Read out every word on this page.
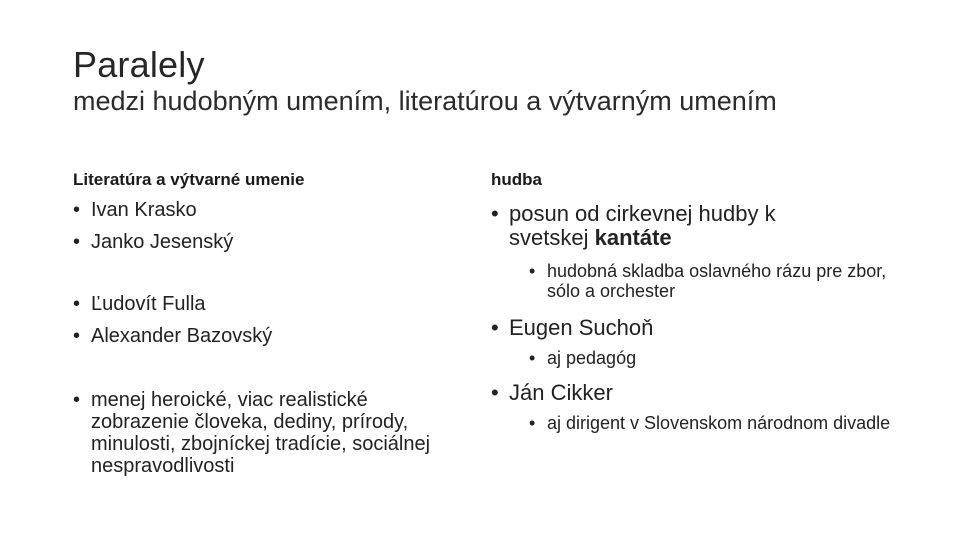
Paralely
medzi hudobným umením, literatúrou a výtvarným umením
Literatúra a výtvarné umenie
•
Ivan Krasko
•
Janko Jesenský
•
Ľudovít Fulla
•
Alexander Bazovský
•
menej heroické, viac realistické zobrazenie človeka, dediny, prírody, minulosti, zbojníckej tradície, sociálnej nespravodlivosti
hudba
•
posun od cirkevnej hudby k svetskej kantáte
•
hudobná skladba oslavného rázu pre zbor, sólo a orchester
•
Eugen Suchoň
•
aj pedagóg
•
Ján Cikker
•
aj dirigent v Slovenskom národnom divadle
